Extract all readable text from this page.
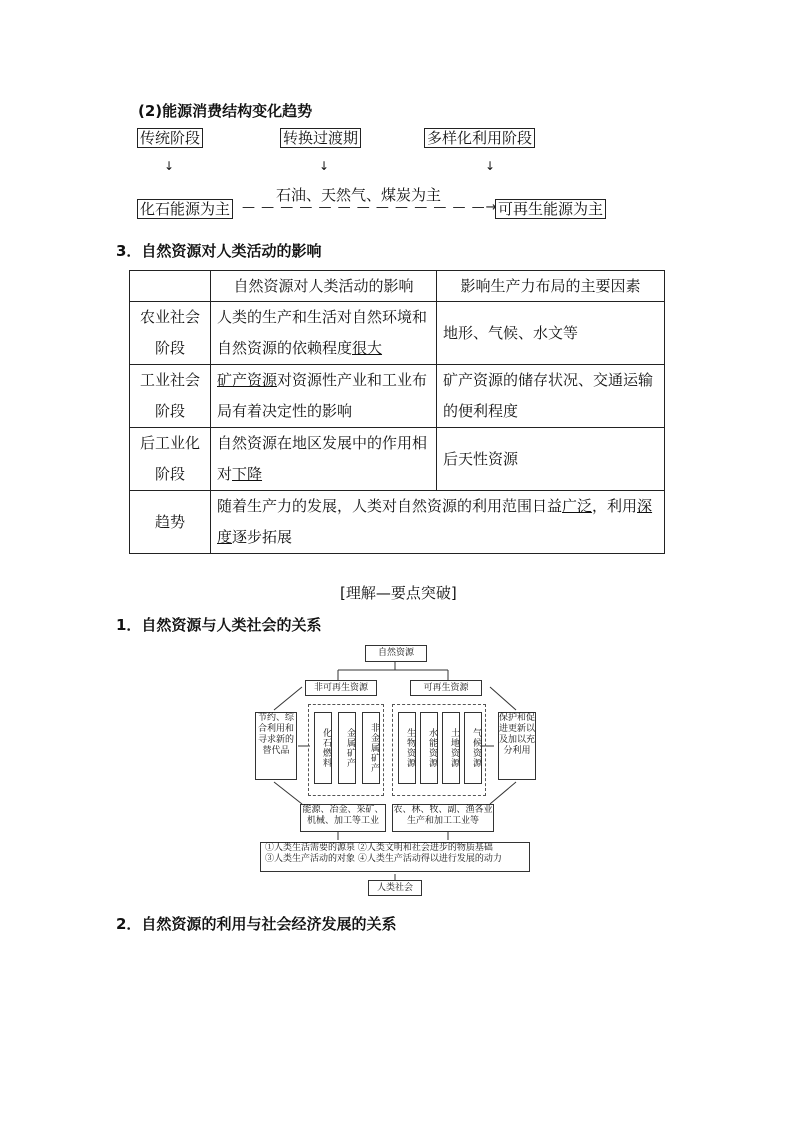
(2)能源消费结构变化趋势
传统阶段	转换过渡期	多样化利用阶段
↓	↓	↓
石油、天然气、煤炭为主
化石能源为主 — — — — — — — — — — — — —→ 可再生能源为主
3．自然资源对人类活动的影响
	自然资源对人类活动的影响	影响生产力布局的主要因素
农业社会阶段	人类的生产和生活对自然环境和自然资源的依赖程度很大	地形、气候、水文等
工业社会阶段	矿产资源对资源性产业和工业布局有着决定性的影响	矿产资源的储存状况、交通运输的便利程度
后工业化阶段	自然资源在地区发展中的作用相对下降	后天性资源
趋势	随着生产力的发展，人类对自然资源的利用范围日益广泛，利用深度逐步拓展	
[理解—要点突破]
1．自然资源与人类社会的关系
自然资源
非可再生资源	可再生资源
节约、综合利用和寻求新的替代品
保护和促进更新以及加以充分利用
化石燃料	金属矿产	非金属矿产	生物资源	水能资源	土地资源	气候资源
能源、冶金、采矿、机械、加工等工业
农、林、牧、副、渔各业生产和加工工业等
①人类生活需要的源泉 ②人类文明和社会进步的物质基础
③人类生产活动的对象 ④人类生产活动得以进行发展的动力
人类社会
2．自然资源的利用与社会经济发展的关系
